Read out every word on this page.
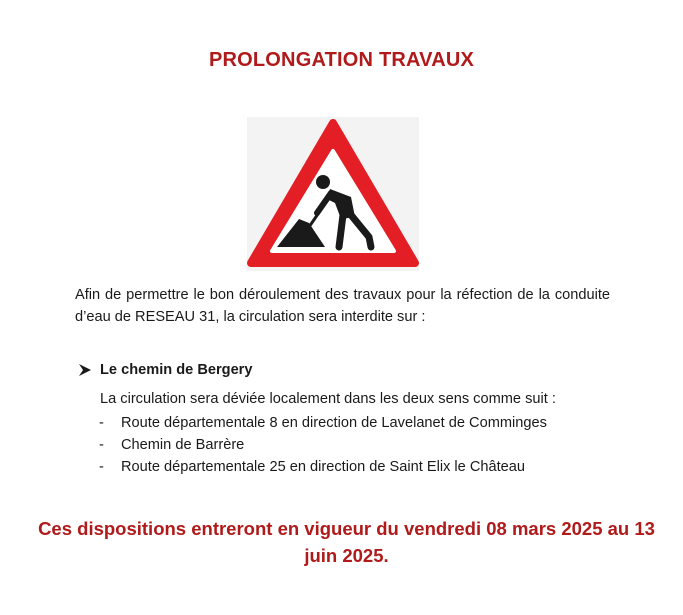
PROLONGATION TRAVAUX
Afin de permettre le bon déroulement des travaux pour la réfection de la conduite d’eau de RESEAU 31, la circulation sera interdite sur :
Le chemin de Bergery
La circulation sera déviée localement dans les deux sens comme suit :
-	Route départementale 8 en direction de Lavelanet de Comminges
-	Chemin de Barrère
-	Route départementale 25 en direction de Saint Elix le Château
Ces dispositions entreront en vigueur du vendredi 08 mars 2025 au 13 juin 2025.
